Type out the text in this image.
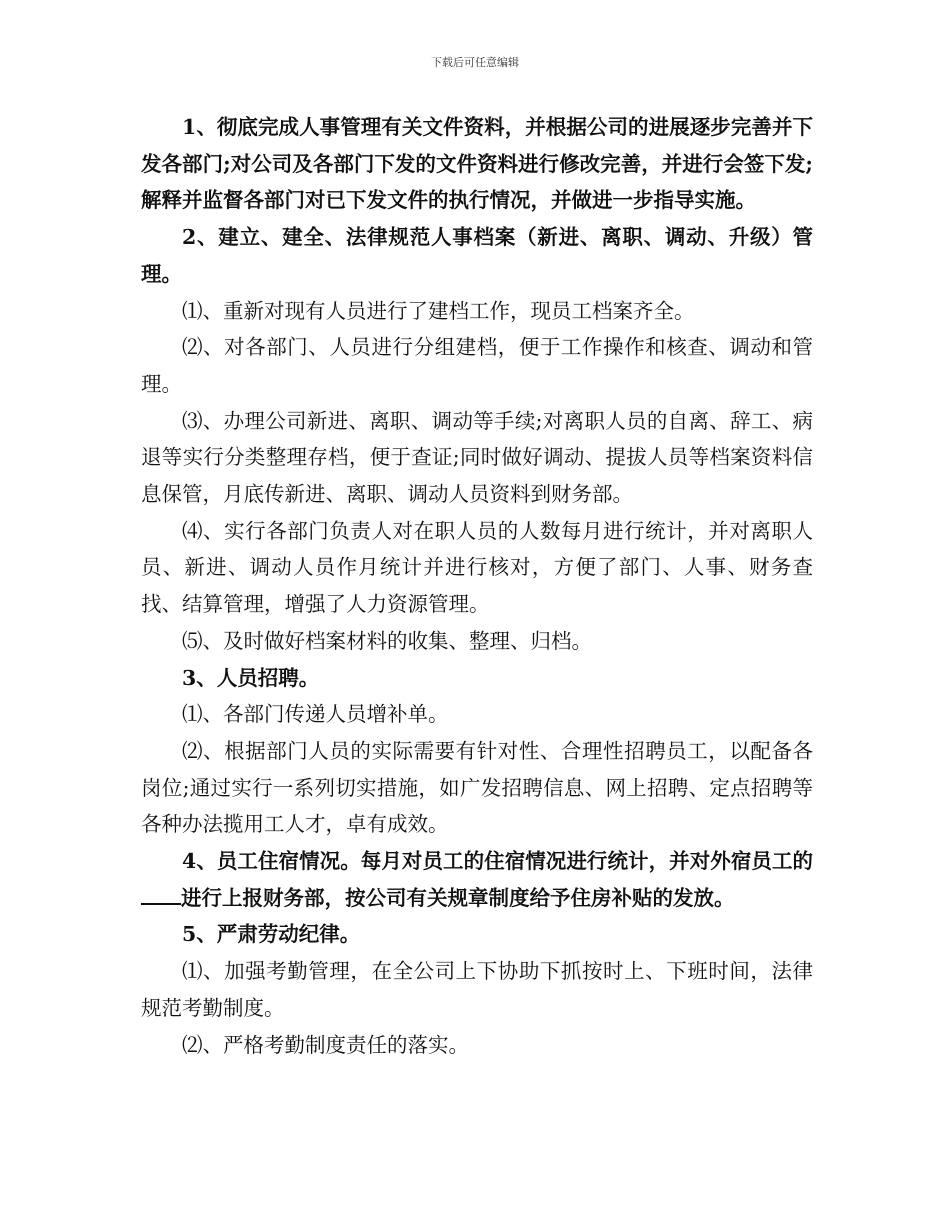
下载后可任意编辑

1、彻底完成人事管理有关文件资料，并根据公司的进展逐步完善并下发各部门;对公司及各部门下发的文件资料进行修改完善，并进行会签下发;解释并监督各部门对已下发文件的执行情况，并做进一步指导实施。

2、建立、建全、法律规范人事档案（新进、离职、调动、升级）管理。

⑴、重新对现有人员进行了建档工作，现员工档案齐全。

⑵、对各部门、人员进行分组建档，便于工作操作和核查、调动和管理。

⑶、办理公司新进、离职、调动等手续;对离职人员的自离、辞工、病退等实行分类整理存档，便于查证;同时做好调动、提拔人员等档案资料信息保管，月底传新进、离职、调动人员资料到财务部。

⑷、实行各部门负责人对在职人员的人数每月进行统计，并对离职人员、新进、调动人员作月统计并进行核对，方便了部门、人事、财务查找、结算管理，增强了人力资源管理。

⑸、及时做好档案材料的收集、整理、归档。

3、人员招聘。

⑴、各部门传递人员增补单。

⑵、根据部门人员的实际需要有针对性、合理性招聘员工，以配备各岗位;通过实行一系列切实措施，如广发招聘信息、网上招聘、定点招聘等各种办法揽用工人才，卓有成效。

4、员工住宿情况。每月对员工的住宿情况进行统计，并对外宿员工的进行上报财务部，按公司有关规章制度给予住房补贴的发放。

5、严肃劳动纪律。

⑴、加强考勤管理，在全公司上下协助下抓按时上、下班时间，法律规范考勤制度。

⑵、严格考勤制度责任的落实。
